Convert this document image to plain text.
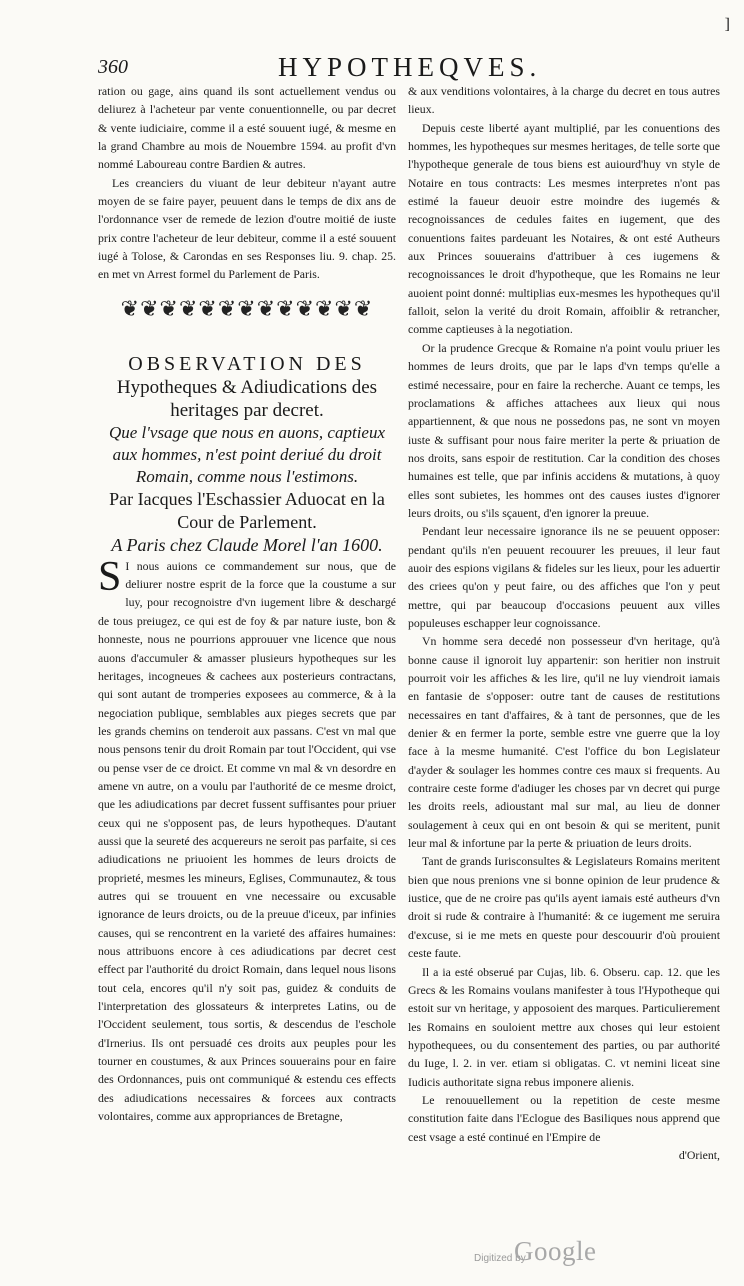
]
360	HYPOTHEQVES.

ration ou gage, ains quand ils sont actuellement vendus ou deliurez à l'acheteur par vente conuentionnelle, ou par decret & vente iudiciaire, comme il a esté souuent iugé, & mesme en la grand Chambre au mois de Nouembre 1594. au profit d'vn nommé Laboureau contre Bardien & autres.

Les creanciers du viuant de leur debiteur n'ayant autre moyen de se faire payer, peuuent dans le temps de dix ans de l'ordonnance vser de remede de lezion d'outre moitié de iuste prix contre l'acheteur de leur debiteur, comme il a esté souuent iugé à Tolose, & Carondas en ses Responses liu. 9. chap. 25. en met vn Arrest formel du Parlement de Paris.

❦❦❦❦❦❦❦❦❦❦❦❦❦

OBSERVATION DES

Hypotheques & Adiudications des heritages par decret.

Que l'vsage que nous en auons, captieux aux hommes, n'est point deriué du droit Romain, comme nous l'estimons.

Par Iacques l'Eschassier Aduocat en la Cour de Parlement.

A Paris chez Claude Morel l'an 1600.

S I nous auions ce commandement sur nous, que de deliurer nostre esprit de la force que la coustume a sur luy, pour recognoistre d'vn iugement libre & deschargé de tous preiugez, ce qui est de foy & par nature iuste, bon & honneste, nous ne pourrions approuuer vne licence que nous auons d'accumuler & amasser plusieurs hypotheques sur les heritages, incogneues & cachees aux posterieurs contractans, qui sont autant de tromperies exposees au commerce, & à la negociation publique, semblables aux pieges secrets que par les grands chemins on tenderoit aux passans. C'est vn mal que nous pensons tenir du droit Romain par tout l'Occident, qui vse ou pense vser de ce droict. Et comme vn mal & vn desordre en amene vn autre, on a voulu par l'authorité de ce mesme droict, que les adiudications par decret fussent suffisantes pour priuer ceux qui ne s'opposent pas, de leurs hypotheques. D'autant aussi que la seureté des acquereurs ne seroit pas parfaite, si ces adiudications ne priuoient les hommes de leurs droicts de proprieté, mesmes les mineurs, Eglises, Communautez, & tous autres qui se trouuent en vne necessaire ou excusable ignorance de leurs droicts, ou de la preuue d'iceux, par infinies causes, qui se rencontrent en la varieté des affaires humaines: nous attribuons encore à ces adiudications par decret cest effect par l'authorité du droict Romain, dans lequel nous lisons tout cela, encores qu'il n'y soit pas, guidez & conduits de l'interpretation des glossateurs & interpretes Latins, ou de l'Occident seulement, tous sortis, & descendus de l'eschole d'Irnerius. Ils ont persuadé ces droits aux peuples pour les tourner en coustumes, & aux Princes souuerains pour en faire des Ordonnances, puis ont communiqué & estendu ces effects des adiudications necessaires & forcees aux contracts volontaires, comme aux appropriances de Bretagne,

& aux venditions volontaires, à la charge du decret en tous autres lieux.

Depuis ceste liberté ayant multiplié, par les conuentions des hommes, les hypotheques sur mesmes heritages, de telle sorte que l'hypotheque generale de tous biens est auiourd'huy vn style de Notaire en tous contracts: Les mesmes interpretes n'ont pas estimé la faueur deuoir estre moindre des iugemés & recognoissances de cedules faites en iugement, que des conuentions faites pardeuant les Notaires, & ont esté Autheurs aux Princes souuerains d'attribuer à ces iugemens & recognoissances le droit d'hypotheque, que les Romains ne leur auoient point donné: multiplias eux-mesmes les hypotheques qu'il falloit, selon la verité du droit Romain, affoiblir & retrancher, comme captieuses à la negotiation.

Or la prudence Grecque & Romaine n'a point voulu priuer les hommes de leurs droits, que par le laps d'vn temps qu'elle a estimé necessaire, pour en faire la recherche. Auant ce temps, les proclamations & affiches attachees aux lieux qui nous appartiennent, & que nous ne possedons pas, ne sont vn moyen iuste & suffisant pour nous faire meriter la perte & priuation de nos droits, sans espoir de restitution. Car la condition des choses humaines est telle, que par infinis accidens & mutations, à quoy elles sont subietes, les hommes ont des causes iustes d'ignorer leurs droits, ou s'ils sçauent, d'en ignorer la preuue.

Pendant leur necessaire ignorance ils ne se peuuent opposer: pendant qu'ils n'en peuuent recouurer les preuues, il leur faut auoir des espions vigilans & fideles sur les lieux, pour les aduertir des criees qu'on y peut faire, ou des affiches que l'on y peut mettre, qui par beaucoup d'occasions peuuent aux villes populeuses eschapper leur cognoissance.

Vn homme sera decedé non possesseur d'vn heritage, qu'à bonne cause il ignoroit luy appartenir: son heritier non instruit pourroit voir les affiches & les lire, qu'il ne luy viendroit iamais en fantasie de s'opposer: outre tant de causes de restitutions necessaires en tant d'affaires, & à tant de personnes, que de les denier & en fermer la porte, semble estre vne guerre que la loy face à la mesme humanité. C'est l'office du bon Legislateur d'ayder & soulager les hommes contre ces maux si frequents. Au contraire ceste forme d'adiuger les choses par vn decret qui purge les droits reels, adioustant mal sur mal, au lieu de donner soulagement à ceux qui en ont besoin & qui se meritent, punit leur mal & infortune par la perte & priuation de leurs droits.

Tant de grands Iurisconsultes & Legislateurs Romains meritent bien que nous prenions vne si bonne opinion de leur prudence & iustice, que de ne croire pas qu'ils ayent iamais esté autheurs d'vn droit si rude & contraire à l'humanité: & ce iugement me seruira d'excuse, si ie me mets en queste pour descouurir d'où prouient ceste faute.

Il a ia esté obserué par Cujas, lib. 6. Obseru. cap. 12. que les Grecs & les Romains voulans manifester à tous l'Hypotheque qui estoit sur vn heritage, y apposoient des marques. Particulierement les Romains en souloient mettre aux choses qui leur estoient hypothequees, ou du consentement des parties, ou par authorité du Iuge, l. 2. in ver. etiam si obligatas. C. vt nemini liceat sine Iudicis authoritate signa rebus imponere alienis.

Le renouuellement ou la repetition de ceste mesme constitution faite dans l'Eclogue des Basiliques nous apprend que cest vsage a esté continué en l'Empire de

d'Orient,

Digitized by
Google
